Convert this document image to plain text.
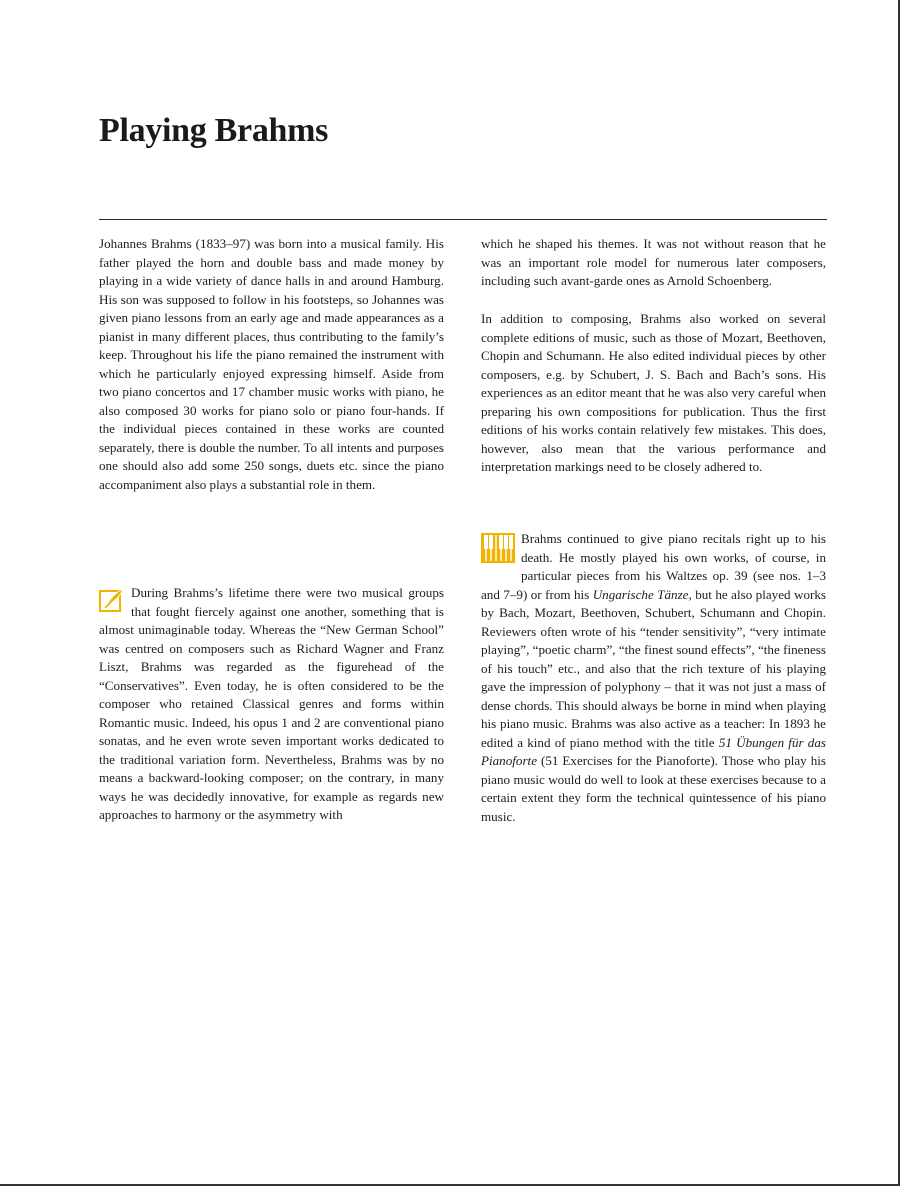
Playing Brahms

Johannes Brahms (1833–97) was born into a musical family. His father played the horn and double bass and made money by playing in a wide variety of dance halls in and around Hamburg. His son was supposed to follow in his footsteps, so Johannes was given piano lessons from an early age and made appearances as a pianist in many different places, thus contributing to the family’s keep. Throughout his life the piano remained the instrument with which he particularly enjoyed expressing himself. Aside from two piano concertos and 17 chamber music works with piano, he also composed 30 works for piano solo or piano four-hands. If the individual pieces contained in these works are counted separately, there is double the number. To all intents and purposes one should also add some 250 songs, duets etc. since the piano accompaniment also plays a substantial role in them.

During Brahms’s lifetime there were two musical groups that fought fiercely against one another, something that is almost unimaginable today. Whereas the “New German School” was centred on composers such as Richard Wagner and Franz Liszt, Brahms was regarded as the figurehead of the “Conservatives”. Even today, he is often considered to be the composer who retained Classical genres and forms within Romantic music. Indeed, his opus 1 and 2 are conventional piano sonatas, and he even wrote seven important works dedicated to the traditional variation form. Nevertheless, Brahms was by no means a backward-looking composer; on the contrary, in many ways he was decidedly innovative, for example as regards new approaches to harmony or the asymmetry with

which he shaped his themes. It was not without reason that he was an important role model for numerous later composers, including such avant-garde ones as Arnold Schoenberg.

In addition to composing, Brahms also worked on several complete editions of music, such as those of Mozart, Beethoven, Chopin and Schumann. He also edited individual pieces by other composers, e.g. by Schubert, J. S. Bach and Bach’s sons. His experiences as an editor meant that he was also very careful when preparing his own compositions for publication. Thus the first editions of his works contain relatively few mistakes. This does, however, also mean that the various performance and interpretation markings need to be closely adhered to.

Brahms continued to give piano recitals right up to his death. He mostly played his own works, of course, in particular pieces from his Waltzes op. 39 (see nos. 1–3 and 7–9) or from his Ungarische Tänze, but he also played works by Bach, Mozart, Beethoven, Schubert, Schumann and Chopin. Reviewers often wrote of his “tender sensitivity”, “very intimate playing”, “poetic charm”, “the finest sound effects”, “the fineness of his touch” etc., and also that the rich texture of his playing gave the impression of polyphony – that it was not just a mass of dense chords. This should always be borne in mind when playing his piano music. Brahms was also active as a teacher: In 1893 he edited a kind of piano method with the title 51 Übungen für das Pianoforte (51 Exercises for the Pianoforte). Those who play his piano music would do well to look at these exercises because to a certain extent they form the technical quintessence of his piano music.
